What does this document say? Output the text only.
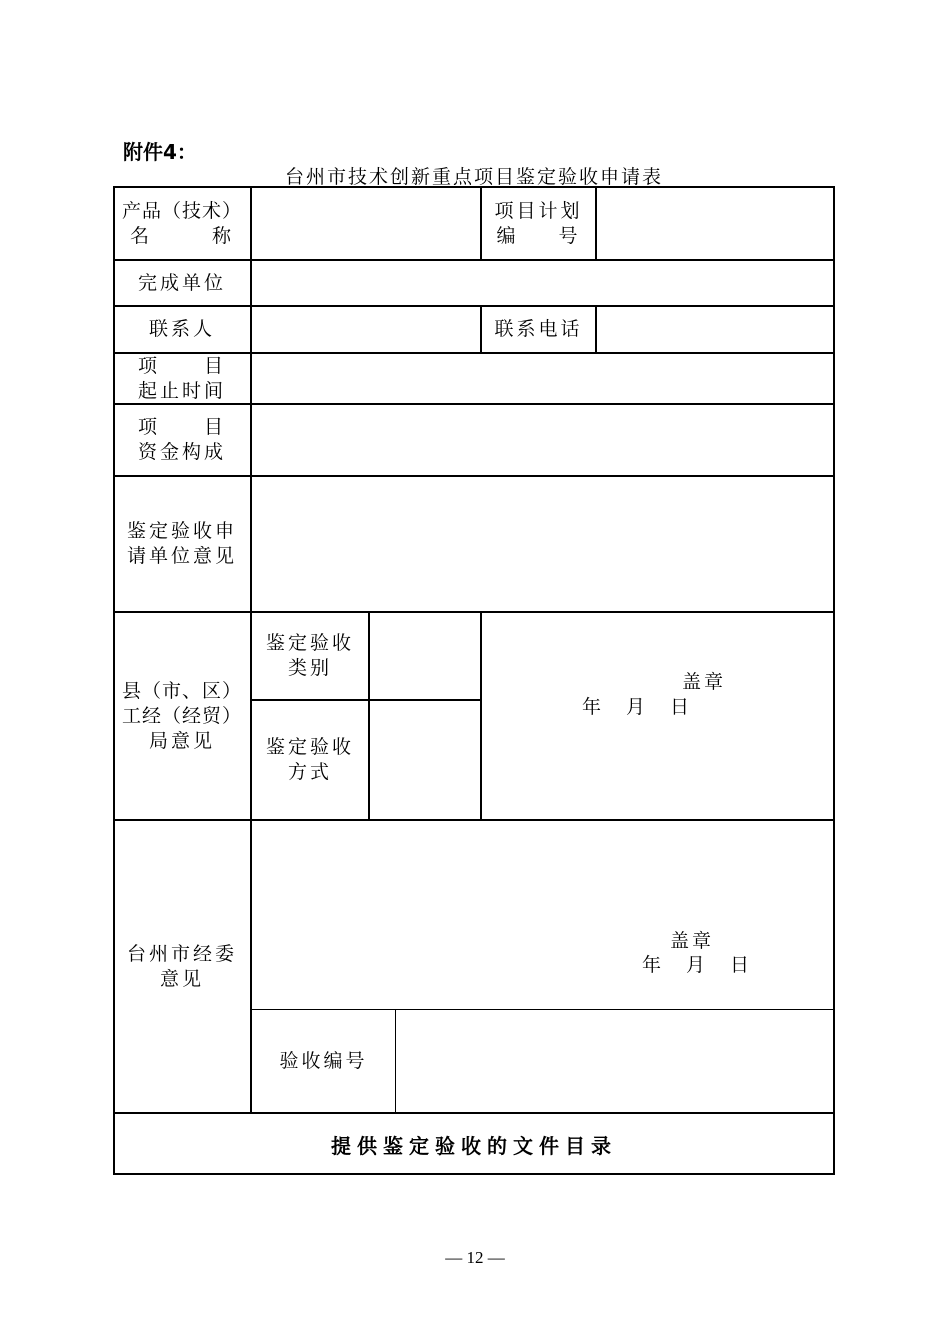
附件4：
台州市技术创新重点项目鉴定验收申请表
产品（技术）
名	称
项目计划
编 号
完成单位
联系人	联系电话
项 目
起止时间
项 目
资金构成
鉴定验收申
请单位意见
县（市、区）
工经（经贸）
局意见
鉴定验收
类别
鉴定验收
方式
盖章
年　月　日
台州市经委
意见
盖章
年　月　日
验收编号
提供鉴定验收的文件目录
— 12 —
